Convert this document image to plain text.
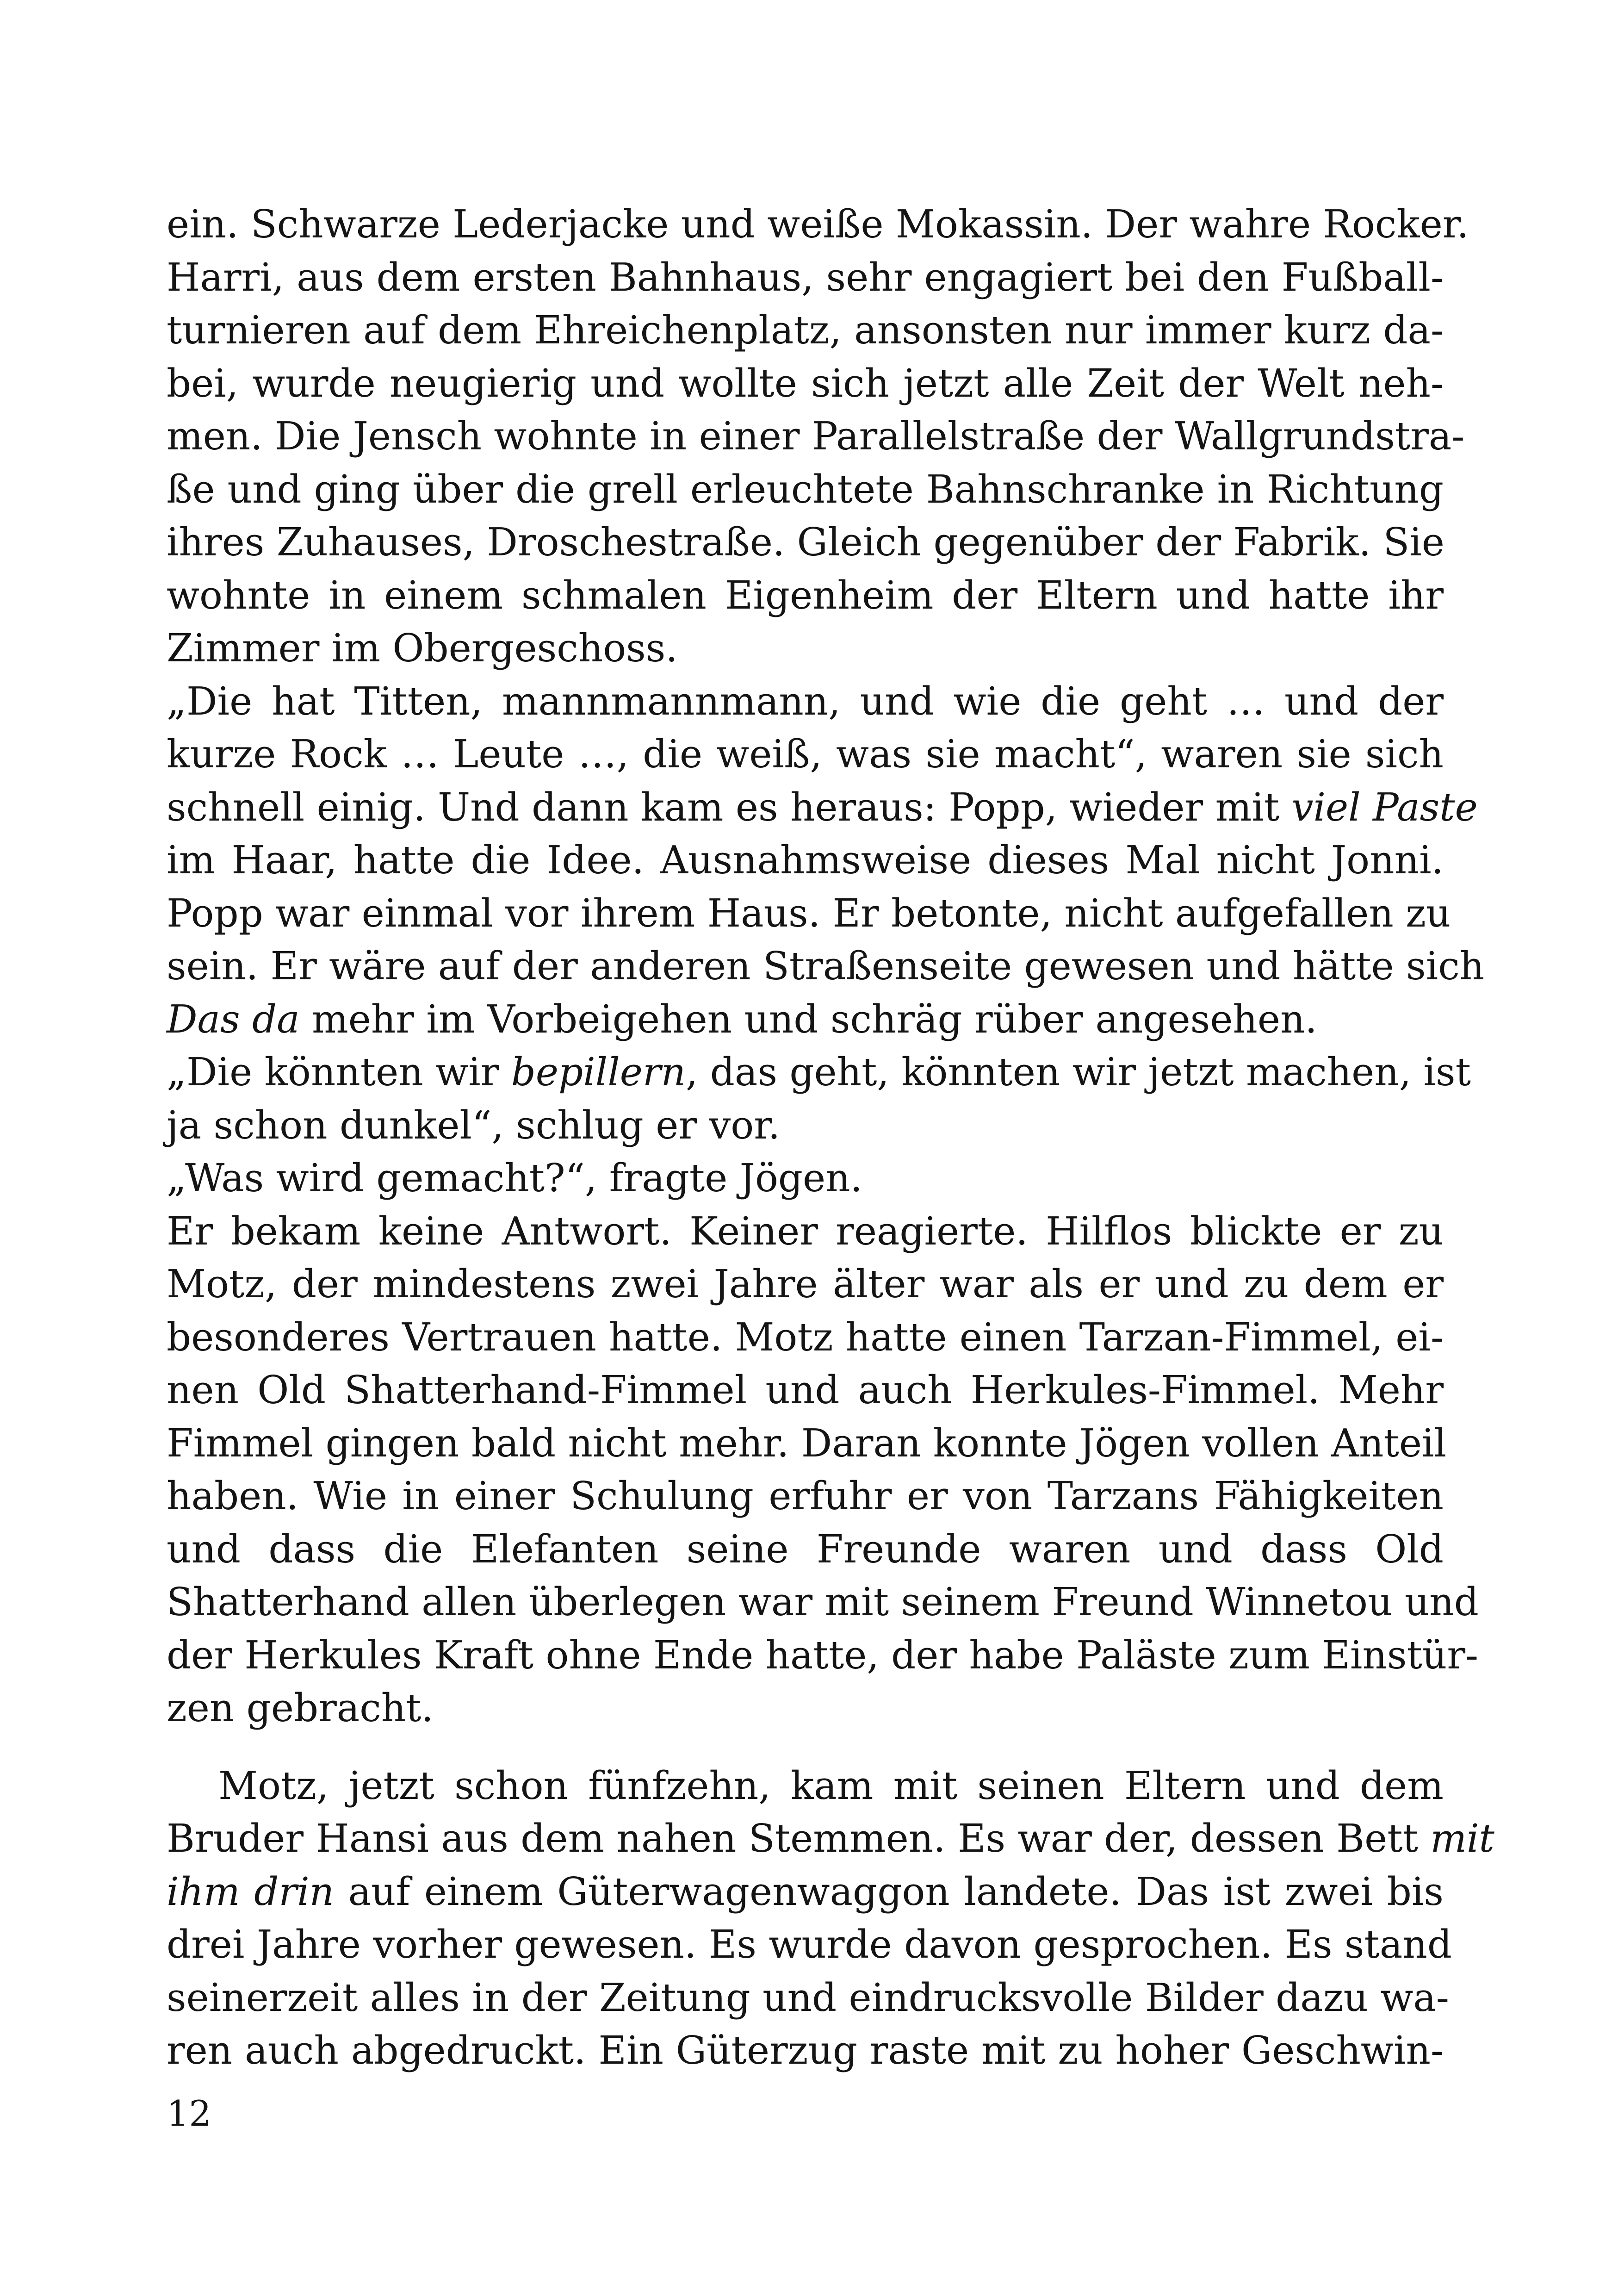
ein. Schwarze Lederjacke und weiße Mokassin. Der wahre Rocker.
Harri, aus dem ersten Bahnhaus, sehr engagiert bei den Fußball-
turnieren auf dem Ehreichenplatz, ansonsten nur immer kurz da-
bei, wurde neugierig und wollte sich jetzt alle Zeit der Welt neh-
men. Die Jensch wohnte in einer Parallelstraße der Wallgrundstra-
ße und ging über die grell erleuchtete Bahnschranke in Richtung
ihres Zuhauses, Droschestraße. Gleich gegenüber der Fabrik. Sie
wohnte in einem schmalen Eigenheim der Eltern und hatte ihr
Zimmer im Obergeschoss.
„Die hat Titten, mannmannmann, und wie die geht … und der
kurze Rock … Leute …, die weiß, was sie macht“, waren sie sich
schnell einig. Und dann kam es heraus: Popp, wieder mit viel Paste
im Haar, hatte die Idee. Ausnahmsweise dieses Mal nicht Jonni.
Popp war einmal vor ihrem Haus. Er betonte, nicht aufgefallen zu
sein. Er wäre auf der anderen Straßenseite gewesen und hätte sich
Das da mehr im Vorbeigehen und schräg rüber angesehen.
„Die könnten wir bepillern, das geht, könnten wir jetzt machen, ist
ja schon dunkel“, schlug er vor.
„Was wird gemacht?“, fragte Jögen.
Er bekam keine Antwort. Keiner reagierte. Hilflos blickte er zu
Motz, der mindestens zwei Jahre älter war als er und zu dem er
besonderes Vertrauen hatte. Motz hatte einen Tarzan-Fimmel, ei-
nen Old Shatterhand-Fimmel und auch Herkules-Fimmel. Mehr
Fimmel gingen bald nicht mehr. Daran konnte Jögen vollen Anteil
haben. Wie in einer Schulung erfuhr er von Tarzans Fähigkeiten
und dass die Elefanten seine Freunde waren und dass Old
Shatterhand allen überlegen war mit seinem Freund Winnetou und
der Herkules Kraft ohne Ende hatte, der habe Paläste zum Einstür-
zen gebracht.
Motz, jetzt schon fünfzehn, kam mit seinen Eltern und dem
Bruder Hansi aus dem nahen Stemmen. Es war der, dessen Bett mit
ihm drin auf einem Güterwagenwaggon landete. Das ist zwei bis
drei Jahre vorher gewesen. Es wurde davon gesprochen. Es stand
seinerzeit alles in der Zeitung und eindrucksvolle Bilder dazu wa-
ren auch abgedruckt. Ein Güterzug raste mit zu hoher Geschwin-
12
